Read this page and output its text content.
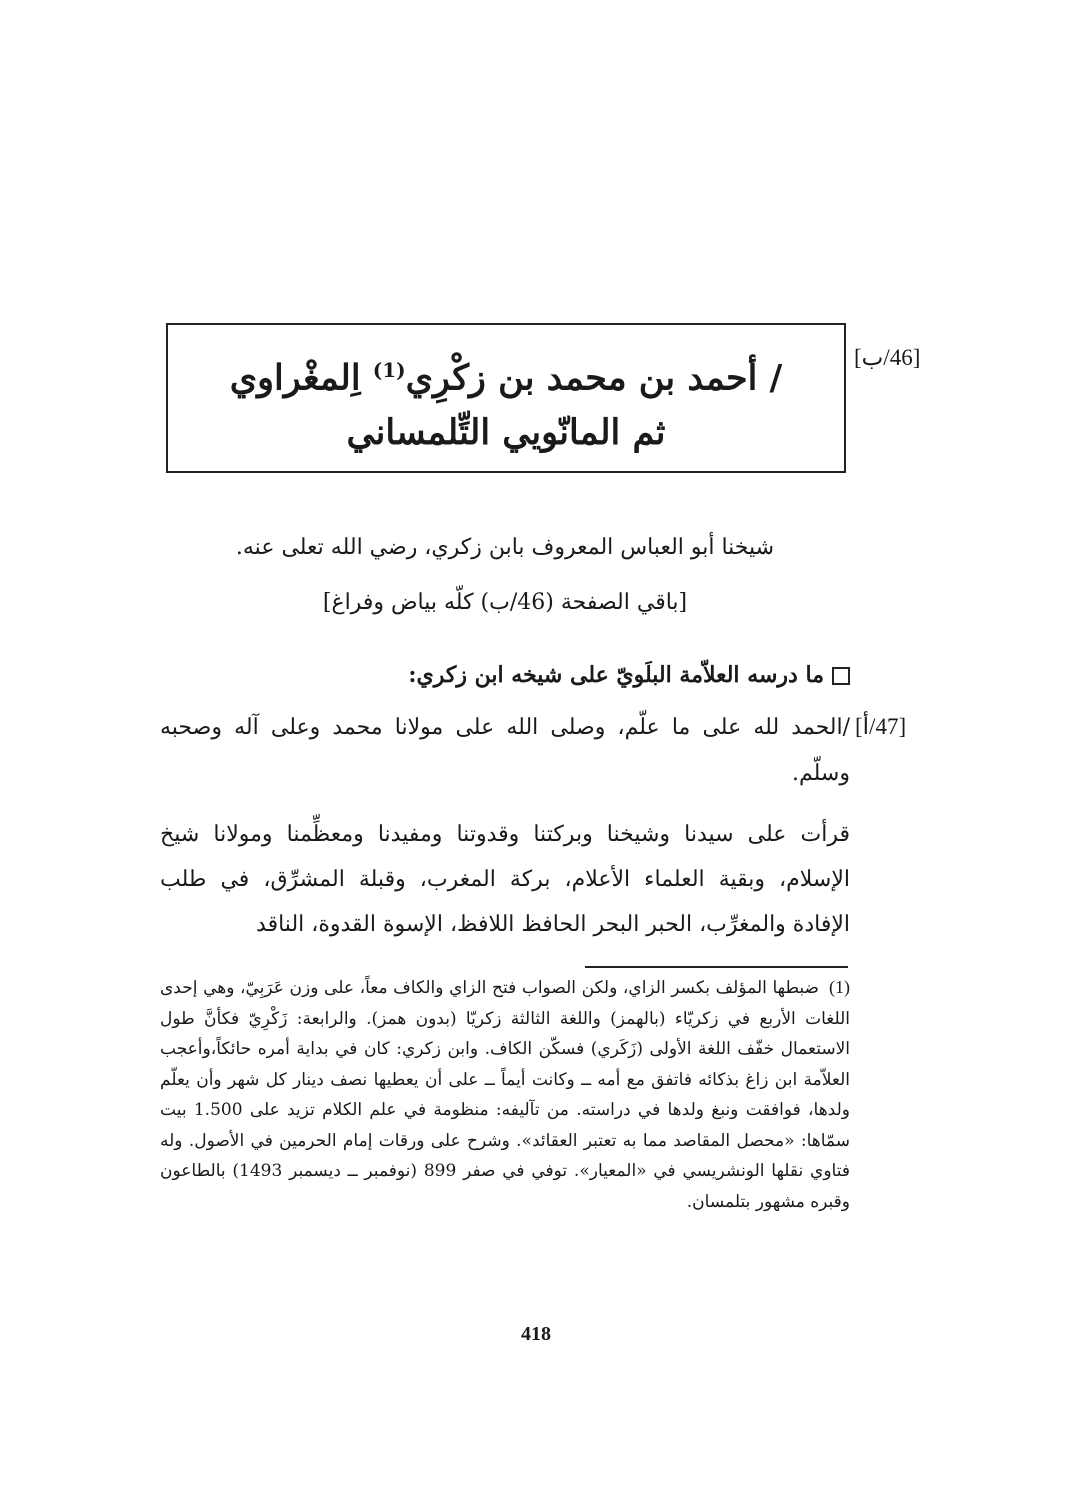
[46/ب]
/ أحمد بن محمد بن زكْرِي$^{(1)}$ اِلمغْراوي
ثم المانّويي التِّلمساني
شيخنا أبو العباس المعروف بابن زكري، رضي الله تعلى عنه.
[باقي الصفحة (46/ب) كلّه بياض وفراغ]
ما درسه العلاّمة البلَويّ على شيخه ابن زكري:
[47/أ]
/الحمد لله على ما علّم، وصلى الله على مولانا محمد وعلى آله وصحبه وسلّم.
قرأت على سيدنا وشيخنا وبركتنا وقدوتنا ومفيدنا ومعظِّمنا ومولانا شيخ الإسلام، وبقية العلماء الأعلام، بركة المغرب، وقبلة المشرِّق، في طلب الإفادة والمغرِّب، الحبر البحر الحافظ اللافظ، الإسوة القدوة، الناقد
(1)ضبطها المؤلف بكسر الزاي، ولكن الصواب فتح الزاي والكاف معاً، على وزن عَرَبِيّ، وهي إحدى اللغات الأربع في زكريّاء (بالهمز) واللغة الثالثة زكريّا (بدون همز). والرابعة: زَكْرِيّ فكأنَّ طول الاستعمال خفّف اللغة الأولى (زَكَري) فسكّن الكاف. وابن زكري: كان في بداية أمره حائكاً،وأعجب العلاّمة ابن زاغ بذكائه فاتفق مع أمه ــ وكانت أيماً ــ على أن يعطيها نصف دينار كل شهر وأن يعلّم ولدها، فوافقت ونبغ ولدها في دراسته. من تآليفه: منظومة في علم الكلام تزيد على 1.500 بيت سمّاها: «محصل المقاصد مما به تعتبر العقائد». وشرح على ورقات إمام الحرمين في الأصول. وله فتاوي نقلها الونشريسي في «المعيار». توفي في صفر 899 (نوفمبر ــ ديسمبر 1493) بالطاعون وقبره مشهور بتلمسان.
418
